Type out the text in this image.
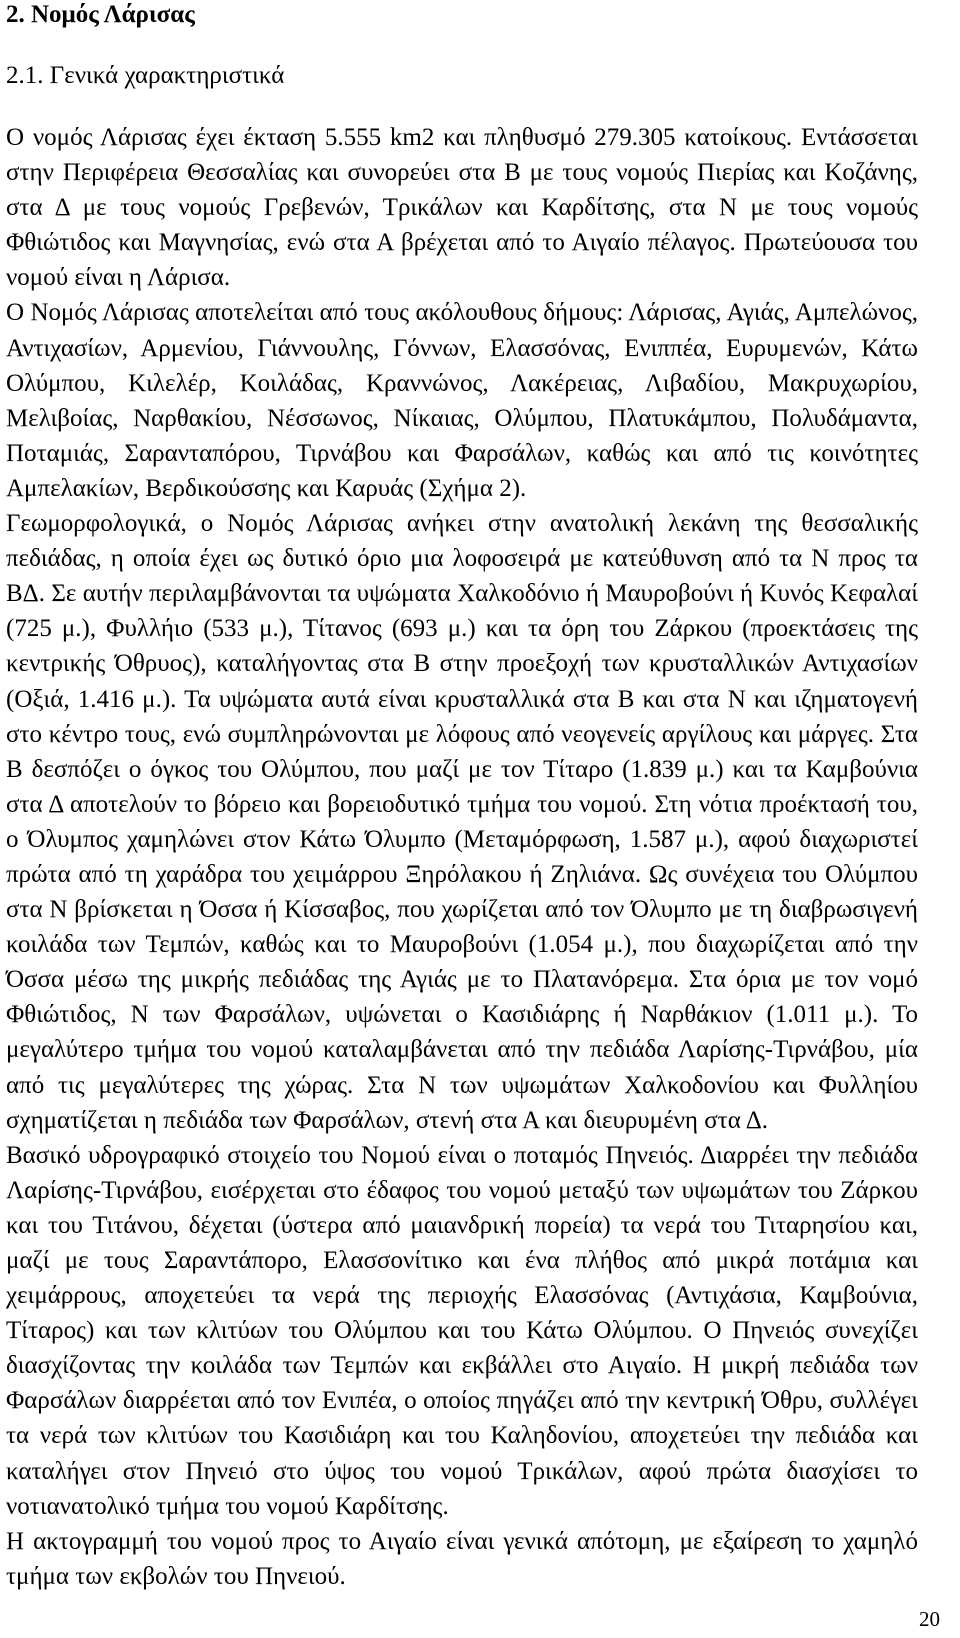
2. Νομός Λάρισας
2.1. Γενικά χαρακτηριστικά

Ο νομός Λάρισας έχει έκταση 5.555 km2 και πληθυσμό 279.305 κατοίκους. Εντάσσεται στην Περιφέρεια Θεσσαλίας και συνορεύει στα Β με τους νομούς Πιερίας και Κοζάνης, στα Δ με τους νομούς Γρεβενών, Τρικάλων και Καρδίτσης, στα Ν με τους νομούς Φθιώτιδος και Μαγνησίας, ενώ στα Α βρέχεται από το Αιγαίο πέλαγος. Πρωτεύουσα του νομού είναι η Λάρισα.

Ο Νομός Λάρισας αποτελείται από τους ακόλουθους δήμους: Λάρισας, Αγιάς, Αμπελώνος, Αντιχασίων, Αρμενίου, Γιάννουλης, Γόννων, Ελασσόνας, Ενιππέα, Ευρυμενών, Κάτω Ολύμπου, Κιλελέρ, Κοιλάδας, Κραννώνος, Λακέρειας, Λιβαδίου, Μακρυχωρίου, Μελιβοίας, Ναρθακίου, Νέσσωνος, Νίκαιας, Ολύμπου, Πλατυκάμπου, Πολυδάμαντα, Ποταμιάς, Σαρανταπόρου, Τιρνάβου και Φαρσάλων, καθώς και από τις κοινότητες Αμπελακίων, Βερδικούσσης και Καρυάς (Σχήμα 2).

Γεωμορφολογικά, ο Νομός Λάρισας ανήκει στην ανατολική λεκάνη της θεσσαλικής πεδιάδας, η οποία έχει ως δυτικό όριο μια λοφοσειρά με κατεύθυνση από τα Ν προς τα ΒΔ. Σε αυτήν περιλαμβάνονται τα υψώματα Χαλκοδόνιο ή Μαυροβούνι ή Κυνός Κεφαλαί (725 μ.), Φυλλήιο (533 μ.), Τίτανος (693 μ.) και τα όρη του Ζάρκου (προεκτάσεις της κεντρικής Όθρυος), καταλήγοντας στα Β στην προεξοχή των κρυσταλλικών Αντιχασίων (Οξιά, 1.416 μ.). Τα υψώματα αυτά είναι κρυσταλλικά στα Β και στα Ν και ιζηματογενή στο κέντρο τους, ενώ συμπληρώνονται με λόφους από νεογενείς αργίλους και μάργες. Στα Β δεσπόζει ο όγκος του Ολύμπου, που μαζί με τον Τίταρο (1.839 μ.) και τα Καμβούνια στα Δ αποτελούν το βόρειο και βορειοδυτικό τμήμα του νομού. Στη νότια προέκτασή του, ο Όλυμπος χαμηλώνει στον Κάτω Όλυμπο (Μεταμόρφωση, 1.587 μ.), αφού διαχωριστεί πρώτα από τη χαράδρα του χειμάρρου Ξηρόλακου ή Ζηλιάνα. Ως συνέχεια του Ολύμπου στα Ν βρίσκεται η Όσσα ή Κίσσαβος, που χωρίζεται από τον Όλυμπο με τη διαβρωσιγενή κοιλάδα των Τεμπών, καθώς και το Μαυροβούνι (1.054 μ.), που διαχωρίζεται από την Όσσα μέσω της μικρής πεδιάδας της Αγιάς με το Πλατανόρεμα. Στα όρια με τον νομό Φθιώτιδος, Ν των Φαρσάλων, υψώνεται ο Κασιδιάρης ή Ναρθάκιον (1.011 μ.). Το μεγαλύτερο τμήμα του νομού καταλαμβάνεται από την πεδιάδα Λαρίσης-Τιρνάβου, μία από τις μεγαλύτερες της χώρας. Στα Ν των υψωμάτων Χαλκοδονίου και Φυλληίου σχηματίζεται η πεδιάδα των Φαρσάλων, στενή στα Α και διευρυμένη στα Δ.

Βασικό υδρογραφικό στοιχείο του Νομού είναι ο ποταμός Πηνειός. Διαρρέει την πεδιάδα Λαρίσης-Τιρνάβου, εισέρχεται στο έδαφος του νομού μεταξύ των υψωμάτων του Ζάρκου και του Τιτάνου, δέχεται (ύστερα από μαιανδρική πορεία) τα νερά του Τιταρησίου και, μαζί με τους Σαραντάπορο, Ελασσονίτικο και ένα πλήθος από μικρά ποτάμια και χειμάρρους, αποχετεύει τα νερά της περιοχής Ελασσόνας (Αντιχάσια, Καμβούνια, Τίταρος) και των κλιτύων του Ολύμπου και του Κάτω Ολύμπου. Ο Πηνειός συνεχίζει διασχίζοντας την κοιλάδα των Τεμπών και εκβάλλει στο Αιγαίο. Η μικρή πεδιάδα των Φαρσάλων διαρρέεται από τον Ενιπέα, ο οποίος πηγάζει από την κεντρική Όθρυ, συλλέγει τα νερά των κλιτύων του Κασιδιάρη και του Καληδονίου, αποχετεύει την πεδιάδα και καταλήγει στον Πηνειό στο ύψος του νομού Τρικάλων, αφού πρώτα διασχίσει το νοτιανατολικό τμήμα του νομού Καρδίτσης.

Η ακτογραμμή του νομού προς το Αιγαίο είναι γενικά απότομη, με εξαίρεση το χαμηλό τμήμα των εκβολών του Πηνειού.

20
